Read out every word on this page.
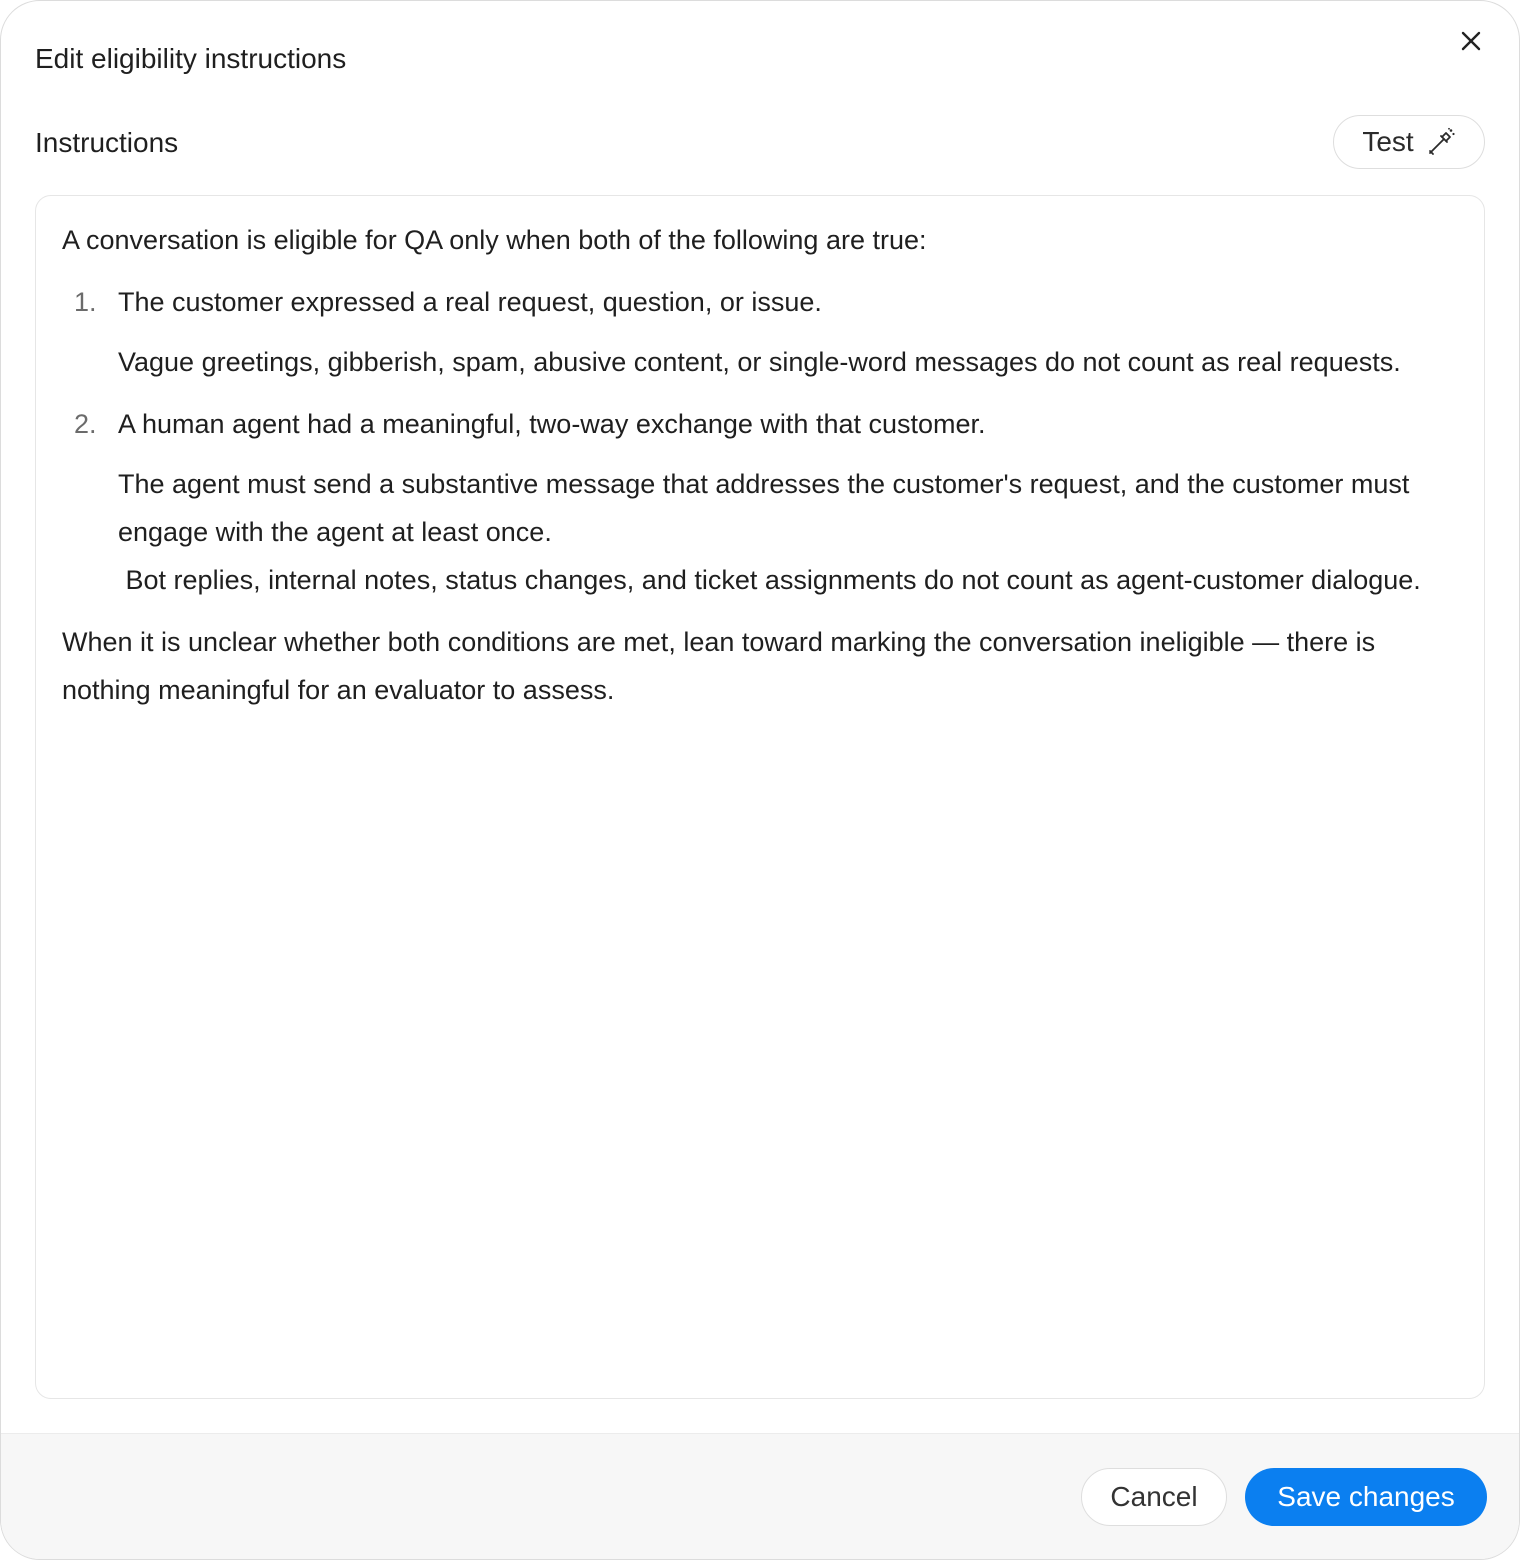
Edit eligibility instructions
Instructions	Test

A conversation is eligible for QA only when both of the following are true:

1. The customer expressed a real request, question, or issue.

Vague greetings, gibberish, spam, abusive content, or single-word messages do not count as real requests.

2. A human agent had a meaningful, two-way exchange with that customer.

The agent must send a substantive message that addresses the customer's request, and the customer must engage with the agent at least once.

Bot replies, internal notes, status changes, and ticket assignments do not count as agent-customer dialogue.

When it is unclear whether both conditions are met, lean toward marking the conversation ineligible — there is nothing meaningful for an evaluator to assess.

Cancel	Save changes
